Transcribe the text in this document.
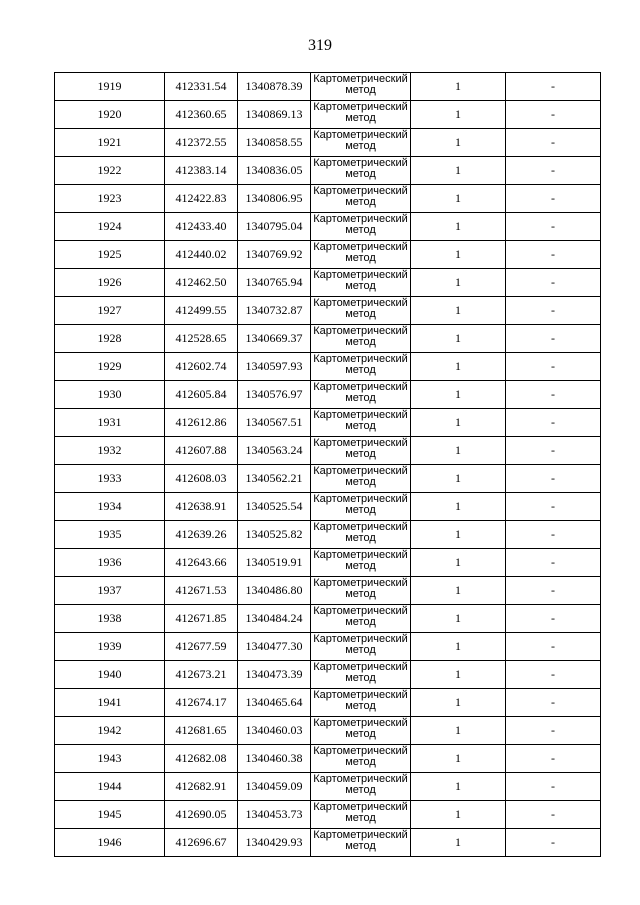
319
1919	412331.54	1340878.39	Картометрический метод	1	-
1920	412360.65	1340869.13	Картометрический метод	1	-
1921	412372.55	1340858.55	Картометрический метод	1	-
1922	412383.14	1340836.05	Картометрический метод	1	-
1923	412422.83	1340806.95	Картометрический метод	1	-
1924	412433.40	1340795.04	Картометрический метод	1	-
1925	412440.02	1340769.92	Картометрический метод	1	-
1926	412462.50	1340765.94	Картометрический метод	1	-
1927	412499.55	1340732.87	Картометрический метод	1	-
1928	412528.65	1340669.37	Картометрический метод	1	-
1929	412602.74	1340597.93	Картометрический метод	1	-
1930	412605.84	1340576.97	Картометрический метод	1	-
1931	412612.86	1340567.51	Картометрический метод	1	-
1932	412607.88	1340563.24	Картометрический метод	1	-
1933	412608.03	1340562.21	Картометрический метод	1	-
1934	412638.91	1340525.54	Картометрический метод	1	-
1935	412639.26	1340525.82	Картометрический метод	1	-
1936	412643.66	1340519.91	Картометрический метод	1	-
1937	412671.53	1340486.80	Картометрический метод	1	-
1938	412671.85	1340484.24	Картометрический метод	1	-
1939	412677.59	1340477.30	Картометрический метод	1	-
1940	412673.21	1340473.39	Картометрический метод	1	-
1941	412674.17	1340465.64	Картометрический метод	1	-
1942	412681.65	1340460.03	Картометрический метод	1	-
1943	412682.08	1340460.38	Картометрический метод	1	-
1944	412682.91	1340459.09	Картометрический метод	1	-
1945	412690.05	1340453.73	Картометрический метод	1	-
1946	412696.67	1340429.93	Картометрический метод	1	-
